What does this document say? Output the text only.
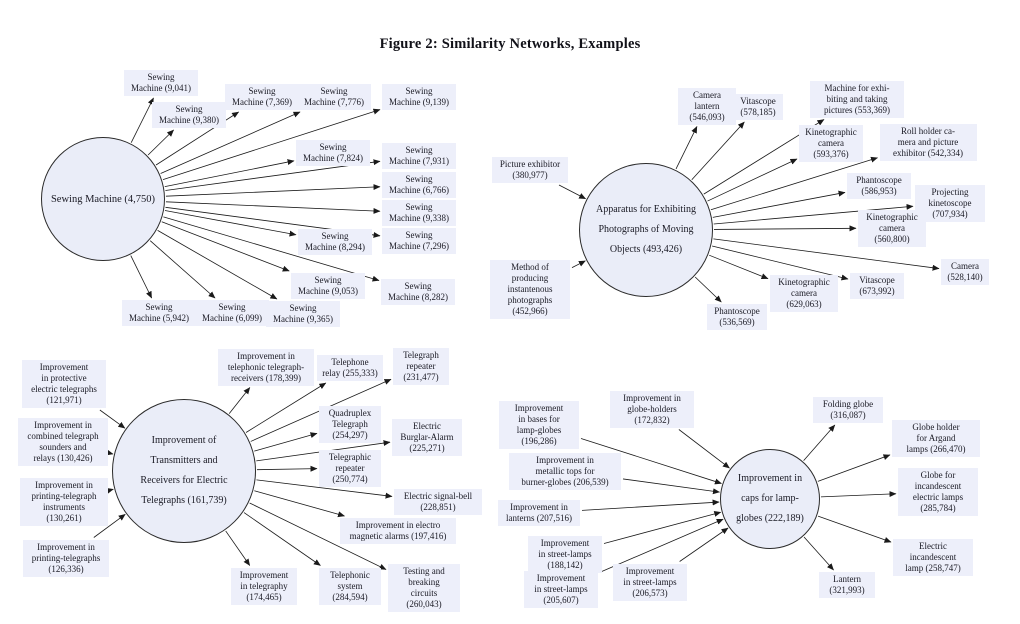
Figure 2: Similarity Networks, Examples
Sewing Machine (4,750)
Sewing
Machine (9,041)
Sewing
Machine (9,380)
Sewing
Machine (7,369)
Sewing
Machine (7,776)
Sewing
Machine (9,139)
Sewing
Machine (7,824)
Sewing
Machine (7,931)
Sewing
Machine (6,766)
Sewing
Machine (9,338)
Sewing
Machine (8,294)
Sewing
Machine (7,296)
Sewing
Machine (9,053)	Sewing
Machine (8,282)
Sewing
Machine (5,942)
Sewing
Machine (6,099)
Sewing
Machine (9,365)
Apparatus for Exhibiting
Photographs of Moving
Objects (493,426)
Picture exhibitor
(380,977)
Camera
lantern
(546,093)
Vitascope
(578,185)
Machine for exhi-
biting and taking
pictures (553,369)
Kinetographic
camera
(593,376)
Roll holder ca-
mera and picture
exhibitor (542,334)
Phantoscope
(586,953)	Projecting
kinetoscope
(707,934)
Kinetographic
camera
(560,800)
Camera
(528,140)
Vitascope
(673,992)
Kinetographic
camera
(629,063)
Phantoscope
(536,569)
Method of
producing
instantenous
photographs
(452,966)
Improvement of
Transmitters and
Receivers for Electric
Telegraphs (161,739)
Improvement
in protective
electric telegraphs
(121,971)
Improvement in
telephonic telegraph-
receivers (178,399)
Telephone
relay (255,333)
Telegraph
repeater
(231,477)
Improvement in
combined telegraph
sounders and
relays (130,426)
Quadruplex
Telegraph
(254,297)
Electric
Burglar-Alarm
(225,271)
Telegraphic
repeater
(250,774)
Electric signal-bell
(228,851)
Improvement in
printing-telegraph
instruments
(130,261)
Improvement in electro
magnetic alarms (197,416)
Improvement in
printing-telegraphs
(126,336)
Improvement
in telegraphy
(174,465)
Telephonic
system
(284,594)
Testing and
breaking
circuits
(260,043)
Improvement in
caps for lamp-
globes (222,189)
Improvement
in bases for
lamp-globes
(196,286)
Improvement in
globe-holders
(172,832)
Folding globe
(316,087)
Globe holder
for Argand
lamps (266,470)
Improvement in
metallic tops for
burner-globes (206,539)
Globe for
incandescent
electric lamps
(285,784)
Improvement in
lanterns (207,516)
Improvement
in street-lamps
(188,142)
Improvement
in street-lamps
(205,607)
Improvement
in street-lamps
(206,573)
Lantern
(321,993)
Electric
incandescent
lamp (258,747)
